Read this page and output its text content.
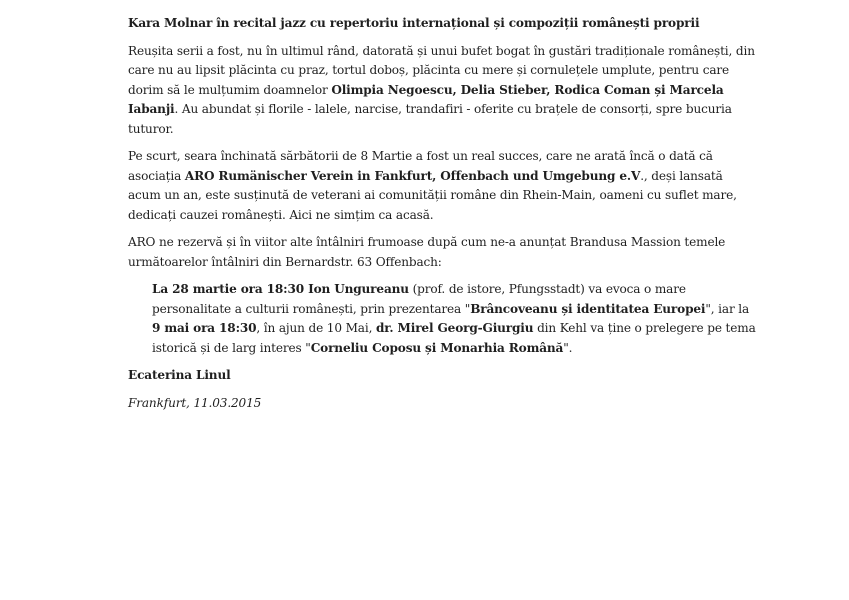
Kara Molnar în recital jazz cu repertoriu internațional și compoziții românești proprii

Reușita serii a fost, nu în ultimul rând, datorată și unui bufet bogat în gustări tradiționale românești, din care nu au lipsit plăcinta cu praz, tortul doboș, plăcinta cu mere și cornulețele umplute, pentru care dorim să le mulțumim doamnelor Olimpia Negoescu, Delia Stieber, Rodica Coman și Marcela Iabanji. Au abundat și florile - lalele, narcise, trandafiri - oferite cu brațele de consorți, spre bucuria tuturor.

Pe scurt, seara închinată sărbătorii de 8 Martie a fost un real succes, care ne arată încă o dată că asociația ARO Rumänischer Verein in Fankfurt, Offenbach und Umgebung e.V., deși lansată acum un an, este susținută de veterani ai comunității române din Rhein-Main, oameni cu suflet mare, dedicați cauzei românești. Aici ne simțim ca acasă.

ARO ne rezervă și în viitor alte întâlniri frumoase după cum ne-a anunțat Brandusa Massion temele următoarelor întâlniri din Bernardstr. 63 Offenbach:

La 28 martie ora 18:30 Ion Ungureanu (prof. de istore, Pfungsstadt) va evoca o mare personalitate a culturii românești, prin prezentarea "Brâncoveanu și identitatea Europei", iar la 9 mai ora 18:30, în ajun de 10 Mai, dr. Mirel Georg-Giurgiu din Kehl va ține o prelegere pe tema istorică și de larg interes "Corneliu Coposu și Monarhia Română".

Ecaterina Linul

Frankfurt, 11.03.2015
